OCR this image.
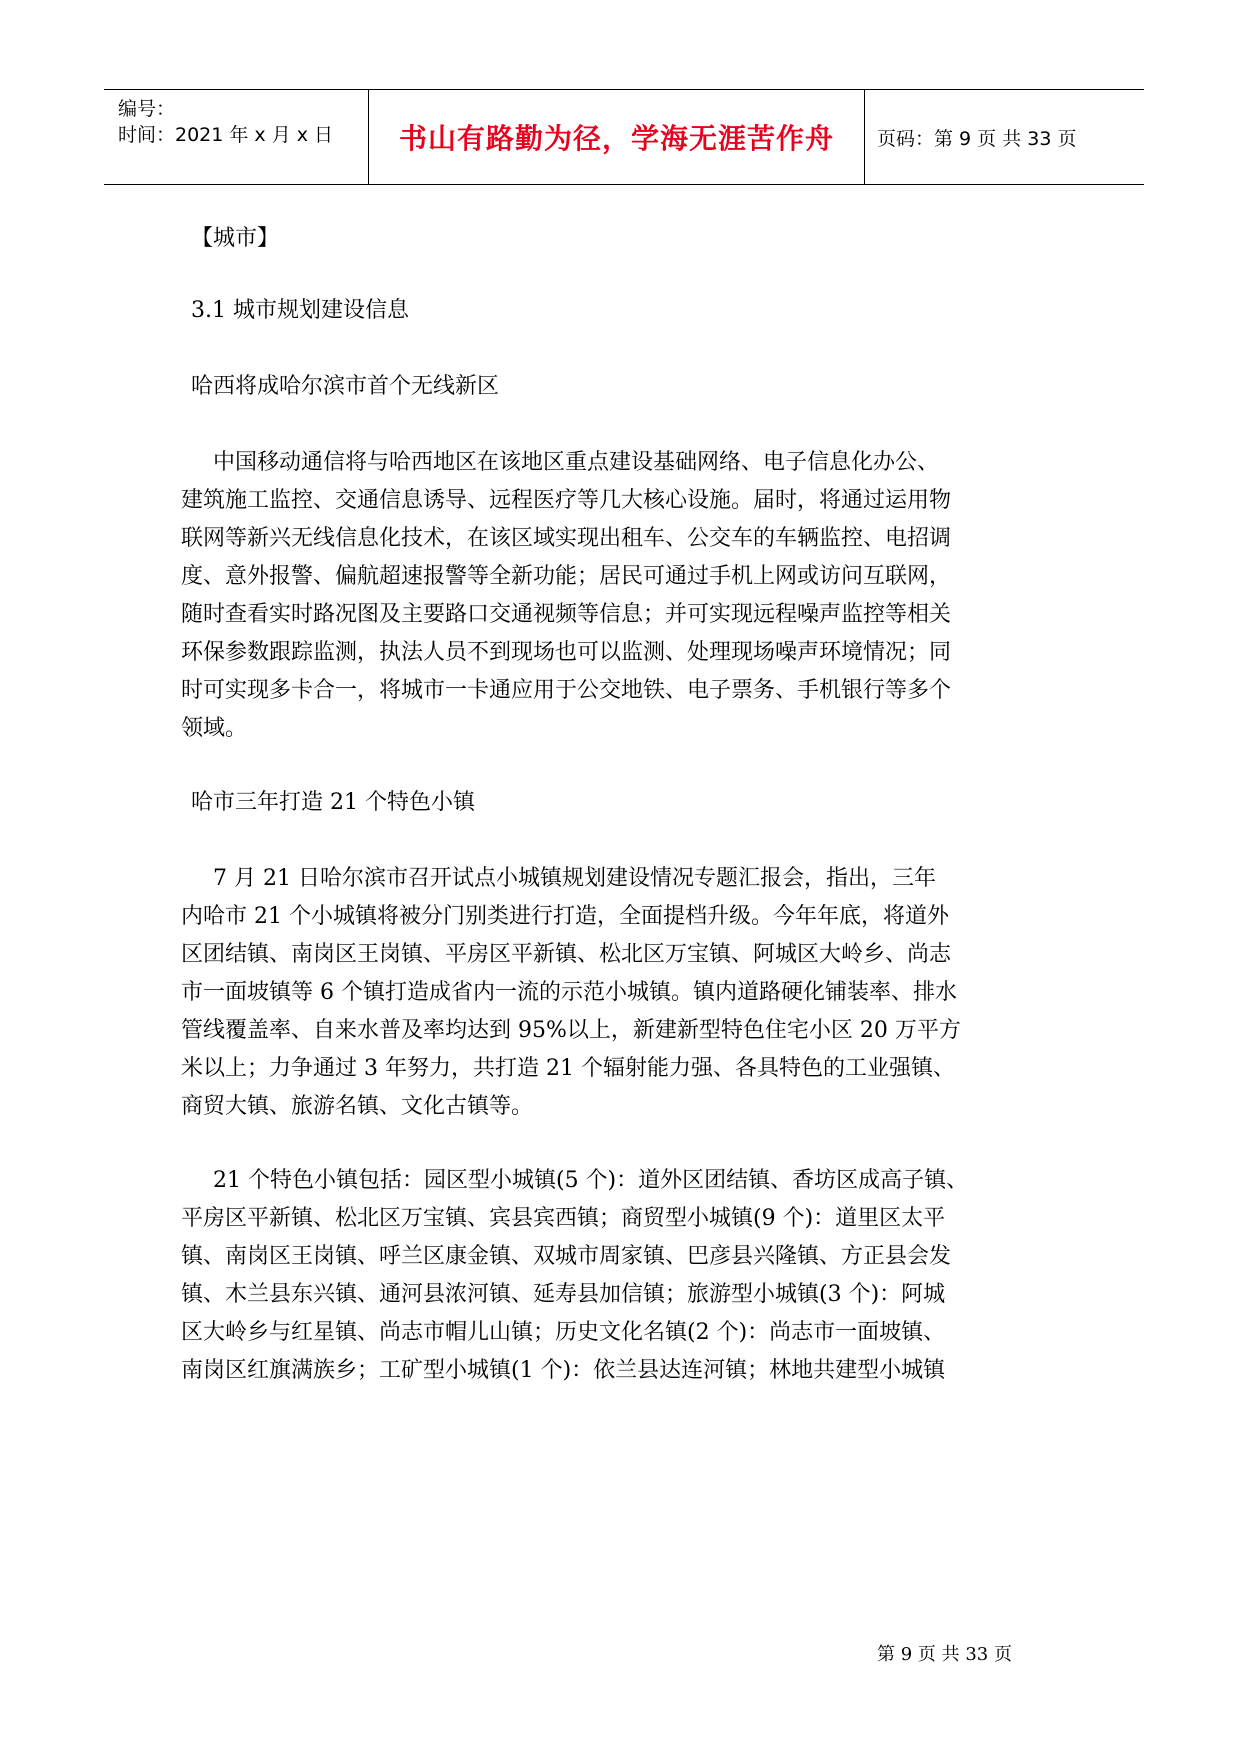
编号：
时间：2021 年 x 月 x 日 书山有路勤为径，学海无涯苦作舟 页码：第 9 页 共 33 页

【城市】

3.1 城市规划建设信息

哈西将成哈尔滨市首个无线新区

中国移动通信将与哈西地区在该地区重点建设基础网络、电子信息化办公、
建筑施工监控、交通信息诱导、远程医疗等几大核心设施。届时，将通过运用物
联网等新兴无线信息化技术，在该区域实现出租车、公交车的车辆监控、电招调
度、意外报警、偏航超速报警等全新功能；居民可通过手机上网或访问互联网，
随时查看实时路况图及主要路口交通视频等信息；并可实现远程噪声监控等相关
环保参数跟踪监测，执法人员不到现场也可以监测、处理现场噪声环境情况；同
时可实现多卡合一，将城市一卡通应用于公交地铁、电子票务、手机银行等多个
领域。

哈市三年打造 21 个特色小镇

7 月 21 日哈尔滨市召开试点小城镇规划建设情况专题汇报会，指出，三年
内哈市 21 个小城镇将被分门别类进行打造，全面提档升级。今年年底，将道外
区团结镇、南岗区王岗镇、平房区平新镇、松北区万宝镇、阿城区大岭乡、尚志
市一面坡镇等 6 个镇打造成省内一流的示范小城镇。镇内道路硬化铺装率、排水
管线覆盖率、自来水普及率均达到 95%以上，新建新型特色住宅小区 20 万平方
米以上；力争通过 3 年努力，共打造 21 个辐射能力强、各具特色的工业强镇、
商贸大镇、旅游名镇、文化古镇等。
21 个特色小镇包括：园区型小城镇(5 个)：道外区团结镇、香坊区成高子镇、
平房区平新镇、松北区万宝镇、宾县宾西镇；商贸型小城镇(9 个)：道里区太平
镇、南岗区王岗镇、呼兰区康金镇、双城市周家镇、巴彦县兴隆镇、方正县会发
镇、木兰县东兴镇、通河县浓河镇、延寿县加信镇；旅游型小城镇(3 个)：阿城
区大岭乡与红星镇、尚志市帽儿山镇；历史文化名镇(2 个)：尚志市一面坡镇、
南岗区红旗满族乡；工矿型小城镇(1 个)：依兰县达连河镇；林地共建型小城镇
第 9 页 共 33 页
